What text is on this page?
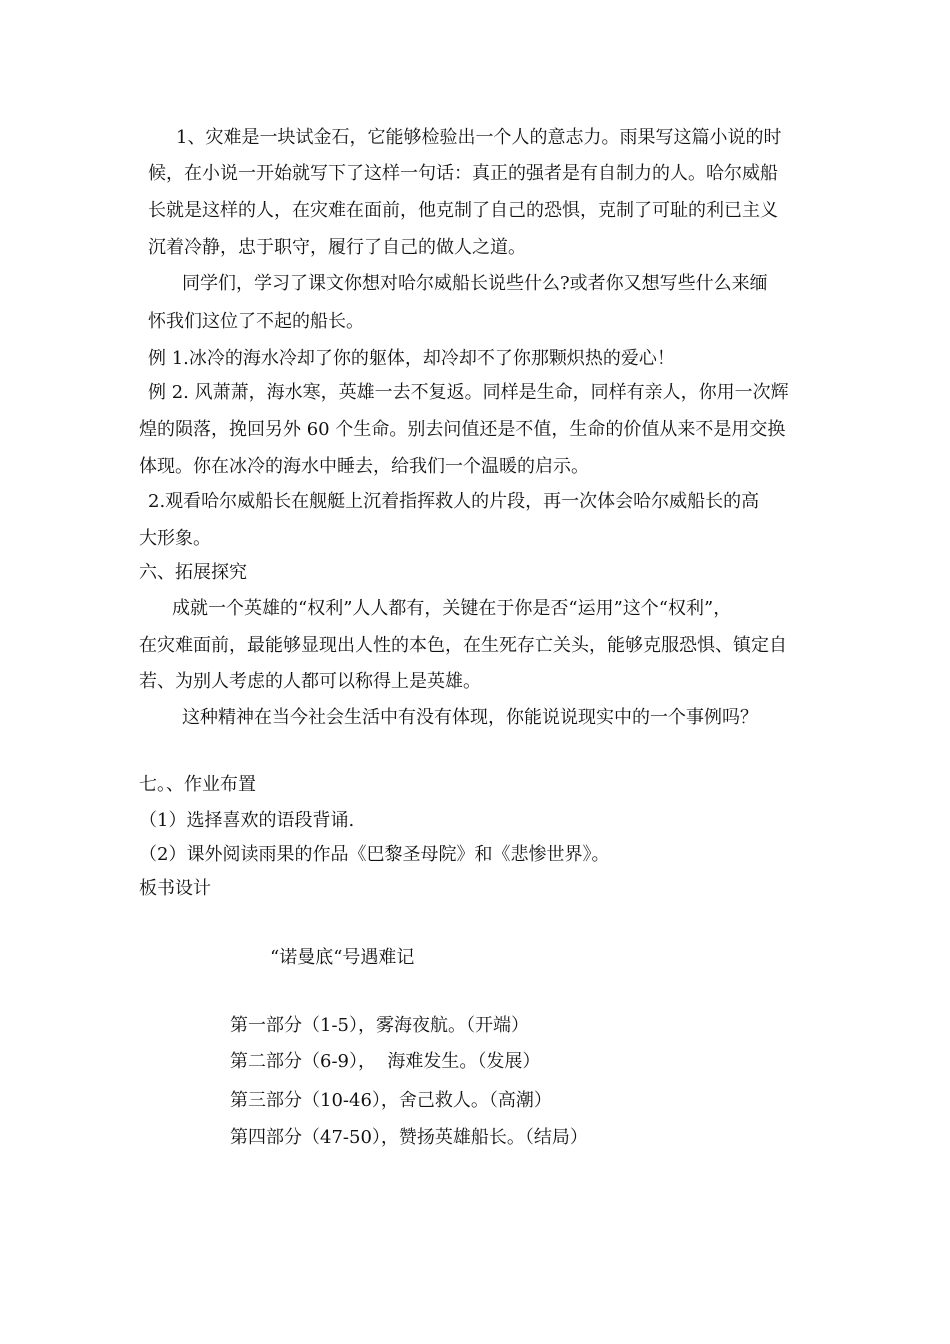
1、灾难是一块试金石，它能够检验出一个人的意志力。雨果写这篇小说的时

候，在小说一开始就写下了这样一句话：真正的强者是有自制力的人。哈尔威船

长就是这样的人，在灾难在面前，他克制了自己的恐惧，克制了可耻的利已主义

沉着冷静，忠于职守，履行了自己的做人之道。

同学们，学习了课文你想对哈尔威船长说些什么?或者你又想写些什么来缅

怀我们这位了不起的船长。

例 1.冰冷的海水冷却了你的躯体，却冷却不了你那颗炽热的爱心！

例 2. 风萧萧，海水寒，英雄一去不复返。同样是生命，同样有亲人，你用一次辉

煌的陨落，挽回另外 60 个生命。别去问值还是不值，生命的价值从来不是用交换

体现。你在冰冷的海水中睡去，给我们一个温暖的启示。

2.观看哈尔威船长在舰艇上沉着指挥救人的片段，再一次体会哈尔威船长的高

大形象。

六、拓展探究

成就一个英雄的“权利”人人都有，关键在于你是否“运用”这个“权利”，

在灾难面前，最能够显现出人性的本色，在生死存亡关头，能够克服恐惧、镇定自

若、为别人考虑的人都可以称得上是英雄。

这种精神在当今社会生活中有没有体现，你能说说现实中的一个事例吗？

七。、作业布置

（1）选择喜欢的语段背诵.

（2）课外阅读雨果的作品《巴黎圣母院》和《悲惨世界》。

板书设计

“诺曼底“号遇难记

第一部分（1-5），雾海夜航。（开端）

第二部分（6-9），  海难发生。（发展）

第三部分（10-46），舍己救人。（高潮）

第四部分（47-50），赞扬英雄船长。（结局）
